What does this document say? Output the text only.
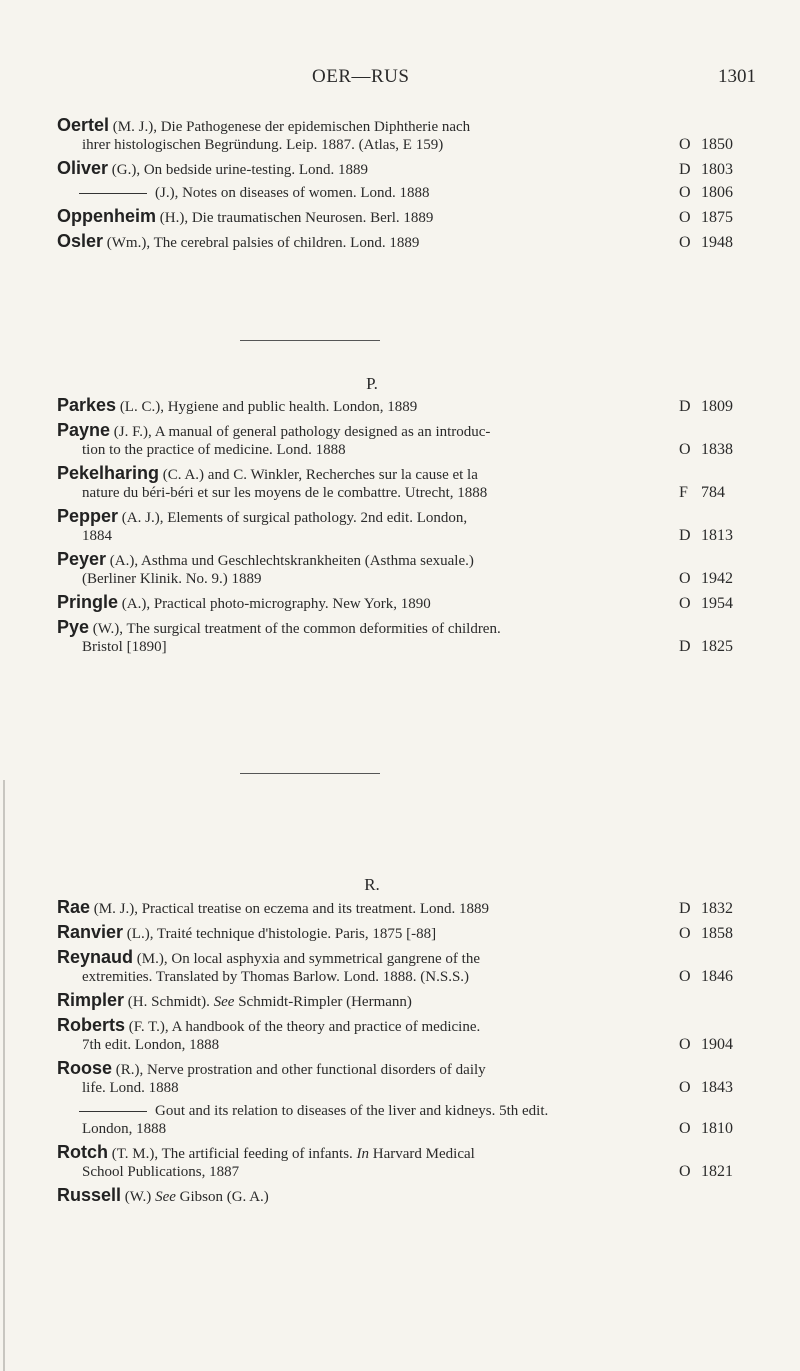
OER—RUS	1301
Oertel (M. J.), Die Pathogenese der epidemischen Diphtherie nach
ihrer histologischen Begründung. Leip. 1887. (Atlas, E 159)	O 1850
Oliver (G.), On bedside urine-testing. Lond. 1889	D 1803
(J.), Notes on diseases of women. Lond. 1888	O 1806
Oppenheim (H.), Die traumatischen Neurosen. Berl. 1889	O 1875
Osler (Wm.), The cerebral palsies of children. Lond. 1889	O 1948
P.
Parkes (L. C.), Hygiene and public health. London, 1889	D 1809
Payne (J. F.), A manual of general pathology designed as an introduc-
tion to the practice of medicine. Lond. 1888	O 1838
Pekelharing (C. A.) and C. Winkler, Recherches sur la cause et la
nature du béri-béri et sur les moyens de le combattre. Utrecht, 1888	F 784
Pepper (A. J.), Elements of surgical pathology. 2nd edit. London,
1884	D 1813
Peyer (A.), Asthma und Geschlechtskrankheiten (Asthma sexuale.)
(Berliner Klinik. No. 9.) 1889	O 1942
Pringle (A.), Practical photo-micrography. New York, 1890	O 1954
Pye (W.), The surgical treatment of the common deformities of children.
Bristol [1890]	D 1825
R.
Rae (M. J.), Practical treatise on eczema and its treatment. Lond. 1889	D 1832
Ranvier (L.), Traité technique d'histologie. Paris, 1875 [-88]	O 1858
Reynaud (M.), On local asphyxia and symmetrical gangrene of the
extremities. Translated by Thomas Barlow. Lond. 1888. (N.S.S.)	O 1846
Rimpler (H. Schmidt). See Schmidt-Rimpler (Hermann)
Roberts (F. T.), A handbook of the theory and practice of medicine.
7th edit. London, 1888	O 1904
Roose (R.), Nerve prostration and other functional disorders of daily
life. Lond. 1888	O 1843
Gout and its relation to diseases of the liver and kidneys. 5th edit.
London, 1888	O 1810
Rotch (T. M.), The artificial feeding of infants. In Harvard Medical
School Publications, 1887	O 1821
Russell (W.) See Gibson (G. A.)
